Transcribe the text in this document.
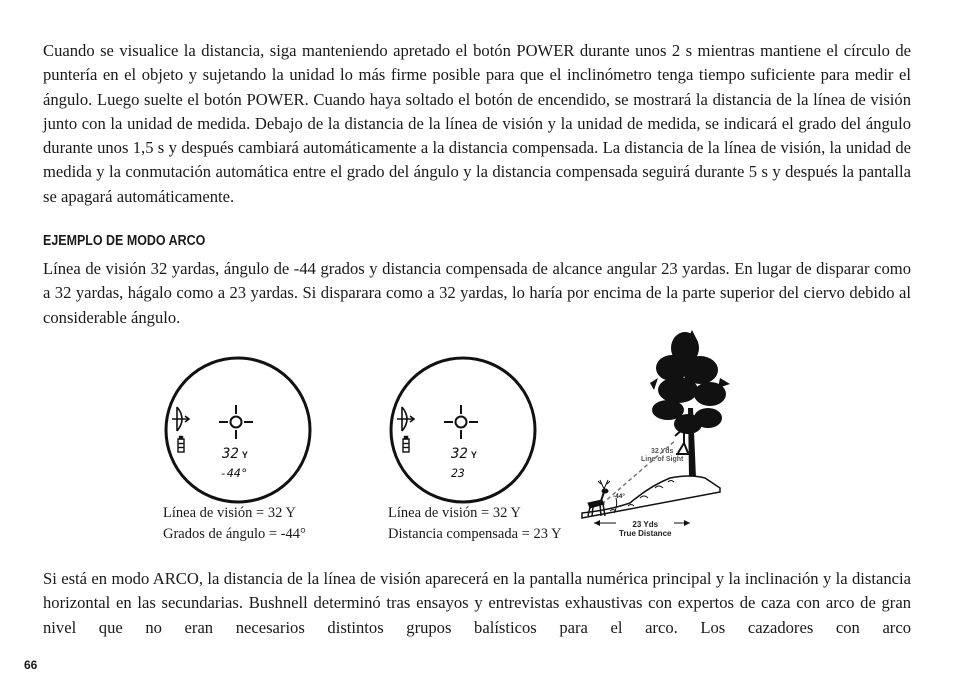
Cuando se visualice la distancia, siga manteniendo apretado el botón POWER durante unos 2 s mientras mantiene el círculo de puntería en el objeto y sujetando la unidad lo más firme posible para que el inclinómetro tenga tiempo suficiente para medir el ángulo. Luego suelte el botón POWER. Cuando haya soltado el botón de encendido, se mostrará la distancia de la línea de visión junto con la unidad de medida. Debajo de la distancia de la línea de visión y la unidad de medida, se indicará el grado del ángulo durante unos 1,5 s y después cambiará automáticamente a la distancia compensada. La distancia de la línea de visión, la unidad de medida y la conmutación automática entre el grado del ángulo y la distancia compensada seguirá durante 5 s y después la pantalla se apagará automáticamente.

EJEMPLO DE MODO ARCO

Línea de visión 32 yardas, ángulo de -44 grados y distancia compensada de alcance angular 23 yardas. En lugar de disparar como a 32 yardas, hágalo como a 23 yardas. Si disparara como a 32 yardas, lo haría por encima de la parte superior del ciervo debido al considerable ángulo.

32 Y
-44°
Línea de visión = 32 Y
Grados de ángulo = -44°
32 Y
23
Línea de visión = 32 Y
Distancia compensada = 23 Y
32 Yds
Line of Sight
-44°
23 Yds
True Distance

Si está en modo ARCO, la distancia de la línea de visión aparecerá en la pantalla numérica principal y la inclinación y la distancia horizontal en las secundarias. Bushnell determinó tras ensayos y entrevistas exhaustivas con expertos de caza con arco de gran nivel que no eran necesarios distintos grupos balísticos para el arco. Los cazadores con arco

66
